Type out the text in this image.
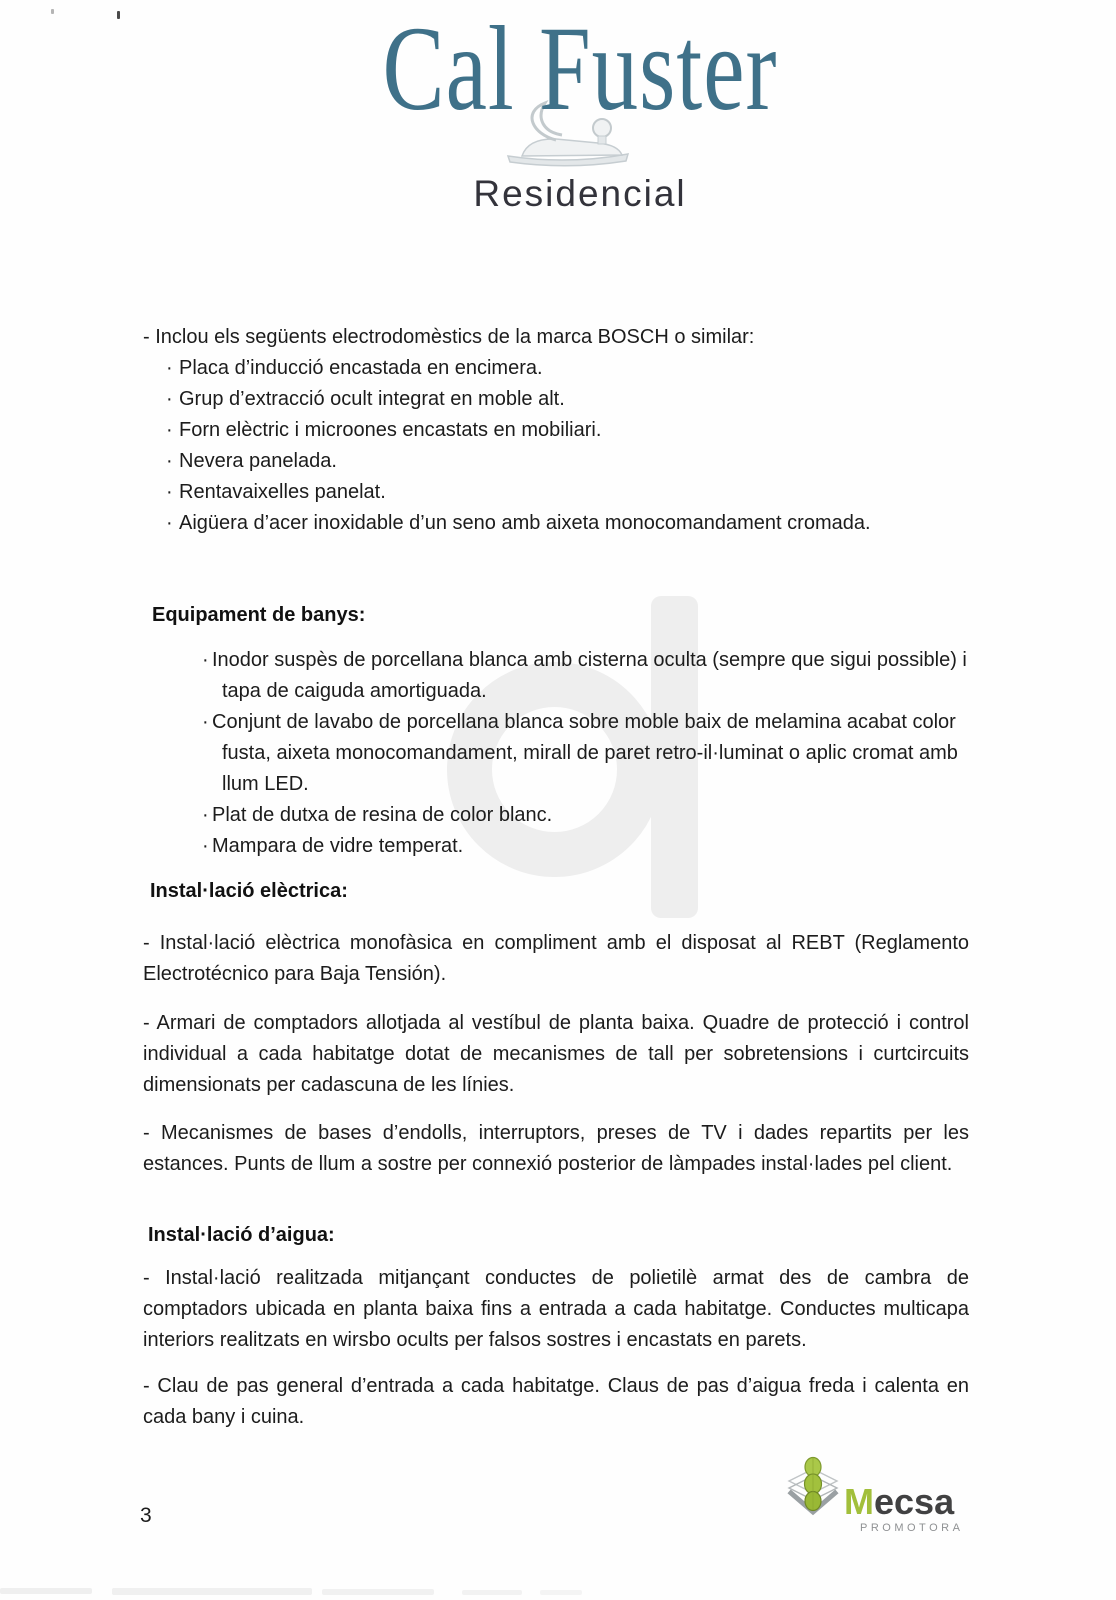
Cal Fuster
Residencial
- Inclou els següents electrodomèstics de la marca BOSCH o similar:
· Placa d’inducció encastada en encimera.
· Grup d’extracció ocult integrat en moble alt.
· Forn elèctric i microones encastats en mobiliari.
· Nevera panelada.
· Rentavaixelles panelat.
· Aigüera d’acer inoxidable d’un seno amb aixeta monocomandament cromada.
Equipament de banys:
· Inodor suspès de porcellana blanca amb cisterna oculta (sempre que sigui possible) i tapa de caiguda amortiguada.
· Conjunt de lavabo de porcellana blanca sobre moble baix de melamina acabat color fusta, aixeta monocomandament, mirall de paret retro-il·luminat o aplic cromat amb llum LED.
· Plat de dutxa de resina de color blanc.
· Mampara de vidre temperat.
Instal·lació elèctrica:
- Instal·lació elèctrica monofàsica en compliment amb el disposat al REBT (Reglamento Electrotécnico para Baja Tensión).
- Armari de comptadors allotjada al vestíbul de planta baixa. Quadre de protecció i control individual a cada habitatge dotat de mecanismes de tall per sobretensions i curtcircuits dimensionats per cadascuna de les línies.
- Mecanismes de bases d’endolls, interruptors, preses de TV i dades repartits per les estances. Punts de llum a sostre per connexió posterior de làmpades instal·lades pel client.
Instal·lació d’aigua:
- Instal·lació realitzada mitjançant conductes de polietilè armat des de cambra de comptadors ubicada en planta baixa fins a entrada a cada habitatge. Conductes multicapa interiors realitzats en wirsbo ocults per falsos sostres i encastats en parets.
- Clau de pas general d’entrada a cada habitatge. Claus de pas d’aigua freda i calenta en cada bany i cuina.
3	Mecsa
PROMOTORA
